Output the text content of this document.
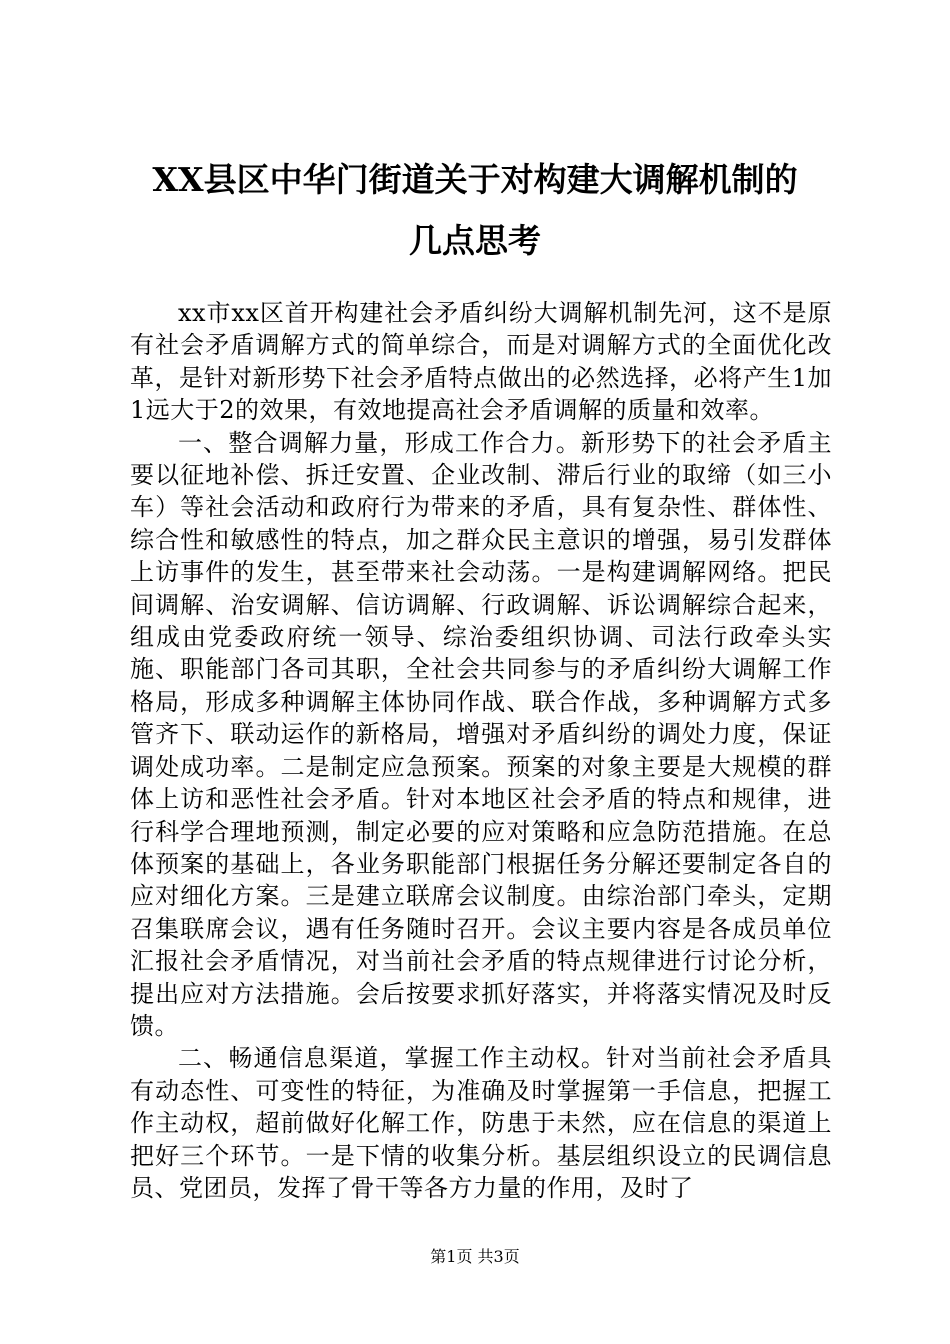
XX县区中华门街道关于对构建大调解机制的
几点思考

xx市xx区首开构建社会矛盾纠纷大调解机制先河，这不是原有社会矛盾调解方式的简单综合，而是对调解方式的全面优化改革，是针对新形势下社会矛盾特点做出的必然选择，必将产生1加1远大于2的效果，有效地提高社会矛盾调解的质量和效率。

一、整合调解力量，形成工作合力。新形势下的社会矛盾主要以征地补偿、拆迁安置、企业改制、滞后行业的取缔（如三小车）等社会活动和政府行为带来的矛盾，具有复杂性、群体性、综合性和敏感性的特点，加之群众民主意识的增强，易引发群体上访事件的发生，甚至带来社会动荡。一是构建调解网络。把民间调解、治安调解、信访调解、行政调解、诉讼调解综合起来，组成由党委政府统一领导、综治委组织协调、司法行政牵头实施、职能部门各司其职，全社会共同参与的矛盾纠纷大调解工作格局，形成多种调解主体协同作战、联合作战，多种调解方式多管齐下、联动运作的新格局，增强对矛盾纠纷的调处力度，保证调处成功率。二是制定应急预案。预案的对象主要是大规模的群体上访和恶性社会矛盾。针对本地区社会矛盾的特点和规律，进行科学合理地预测，制定必要的应对策略和应急防范措施。在总体预案的基础上，各业务职能部门根据任务分解还要制定各自的应对细化方案。三是建立联席会议制度。由综治部门牵头，定期召集联席会议，遇有任务随时召开。会议主要内容是各成员单位汇报社会矛盾情况，对当前社会矛盾的特点规律进行讨论分析，提出应对方法措施。会后按要求抓好落实，并将落实情况及时反馈。

二、畅通信息渠道，掌握工作主动权。针对当前社会矛盾具有动态性、可变性的特征，为准确及时掌握第一手信息，把握工作主动权，超前做好化解工作，防患于未然，应在信息的渠道上把好三个环节。一是下情的收集分析。基层组织设立的民调信息员、党团员，发挥了骨干等各方力量的作用，及时了

第1页 共3页
